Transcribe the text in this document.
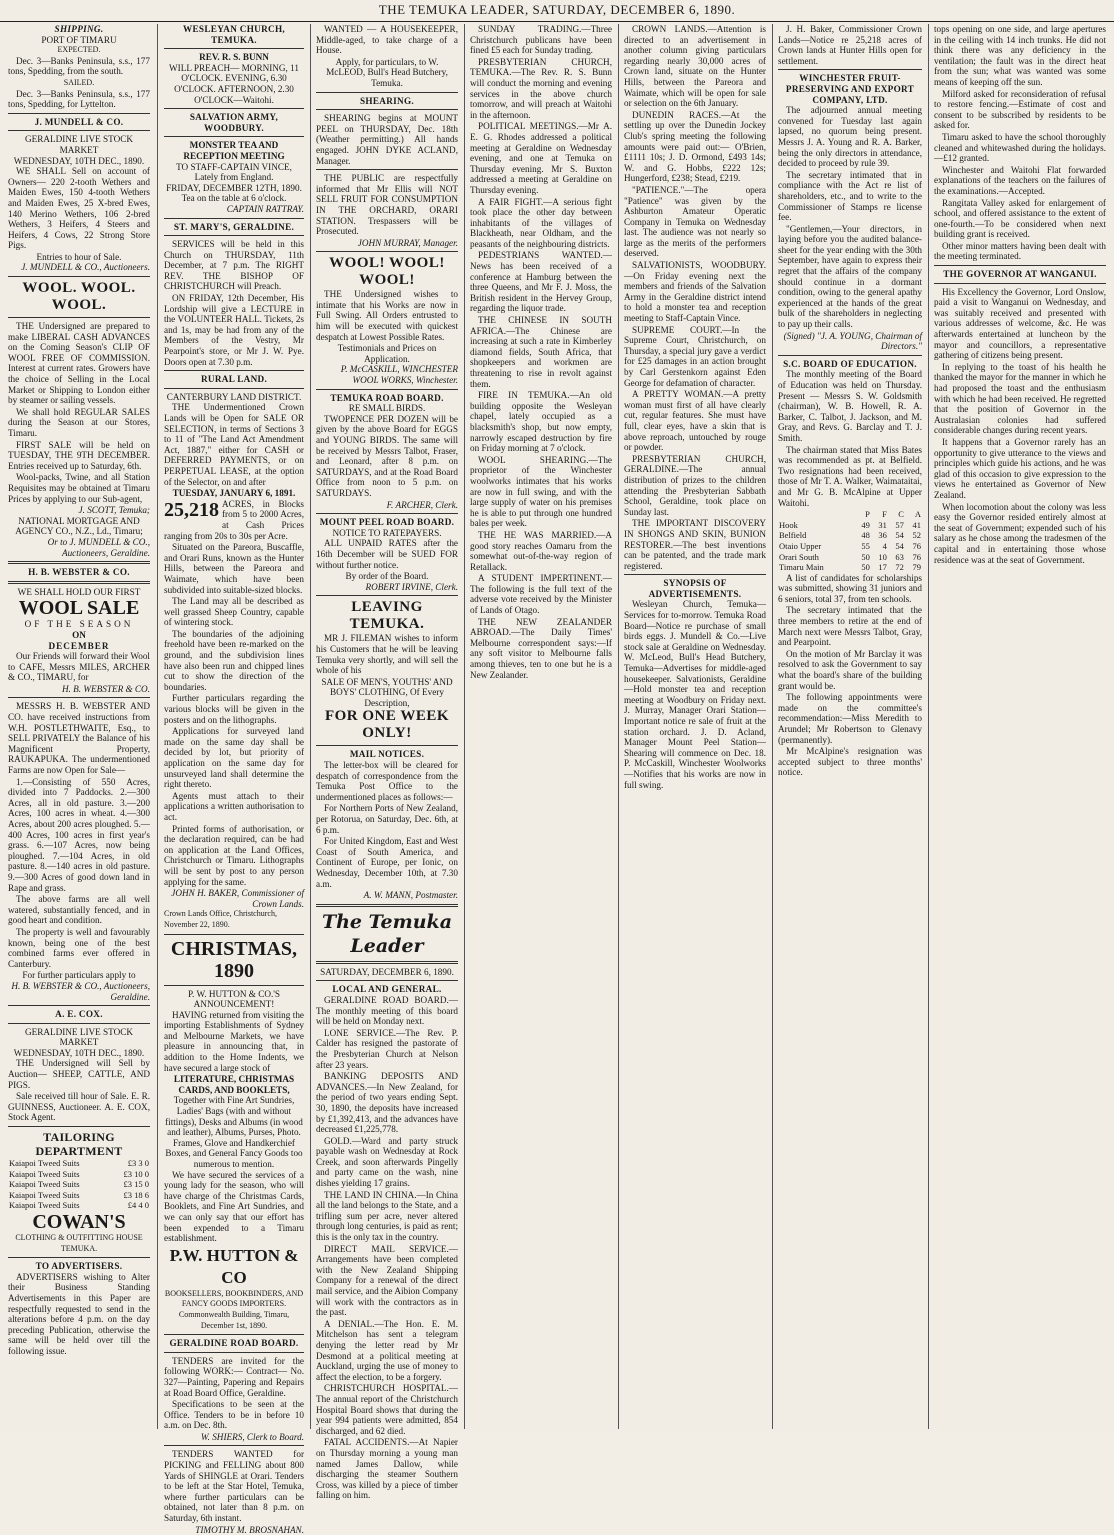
THE TEMUKA LEADER, SATURDAY, DECEMBER 6, 1890.
SHIPPING.
PORT OF TIMARU
EXPECTED.

Dec. 3—Banks Peninsula, s.s., 177 tons, Spedding, from the south.

SAILED.

Dec. 3—Banks Peninsula, s.s., 177 tons, Spedding, for Lyttelton.

J. MUNDELL & CO.
GERALDINE LIVE STOCK MARKET
WEDNESDAY, 10TH DEC., 1890.

WE SHALL Sell on account of Owners— 220 2-tooth Wethers and Maiden Ewes, 150 4-tooth Wethers and Maiden Ewes, 25 X-bred Ewes, 140 Merino Wethers, 106 2-bred Wethers, 3 Heifers, 4 Steers and Heifers, 4 Cows, 22 Strong Store Pigs.

Entries to hour of Sale.
J. MUNDELL & CO., Auctioneers.
WOOL. WOOL. WOOL.

THE Undersigned are prepared to make LIBERAL CASH ADVANCES on the Coming Season's CLIP OF WOOL FREE OF COMMISSION. Interest at current rates. Growers have the choice of Selling in the Local Market or Shipping to London either by steamer or sailing vessels.

We shall hold REGULAR SALES during the Season at our Stores, Timaru.

FIRST SALE will be held on TUESDAY, THE 9TH DECEMBER. Entries received up to Saturday, 6th.

Wool-packs, Twine, and all Station Requisites may be obtained at Timaru Prices by applying to our Sub-agent,

J. SCOTT, Temuka;
NATIONAL MORTGAGE AND AGENCY CO., N.Z., Ld., Timaru;
Or to J. MUNDELL & CO., Auctioneers, Geraldine.
H. B. WEBSTER & CO.
WE SHALL HOLD OUR FIRST
WOOL SALE
OF THE SEASON
ON
DECEMBER

Our Friends will forward their Wool to CAFE, Messrs MILES, ARCHER & CO., TIMARU, for

H. B. WEBSTER & CO.

MESSRS H. B. WEBSTER AND CO. have received instructions from W.H. POSTLETHWAITE, Esq., to SELL PRIVATELY the Balance of his Magnificent Property, RAUKAPUKA. The undermentioned Farms are now Open for Sale—

1.—Consisting of 550 Acres, divided into 7 Paddocks. 2.—300 Acres, all in old pasture. 3.—200 Acres, 100 acres in wheat. 4.—300 Acres, about 200 acres ploughed. 5.—400 Acres, 100 acres in first year's grass. 6.—107 Acres, now being ploughed. 7.—104 Acres, in old pasture. 8.—140 acres in old pasture. 9.—300 Acres of good down land in Rape and grass.

The above farms are all well watered, substantially fenced, and in good heart and condition.

The property is well and favourably known, being one of the best combined farms ever offered in Canterbury.

For further particulars apply to
H. B. WEBSTER & CO., Auctioneers, Geraldine.
A. E. COX.
GERALDINE LIVE STOCK MARKET
WEDNESDAY, 10TH DEC., 1890.

THE Undersigned will Sell by Auction— SHEEP, CATTLE, AND PIGS.

Sale received till hour of Sale. E. R. GUINNESS, Auctioneer. A. E. COX, Stock Agent.

TAILORING DEPARTMENT
Kaiapoi Tweed Suits	£3 3 0
Kaiapoi Tweed Suits	£3 10 0
Kaiapoi Tweed Suits	£3 15 0
Kaiapoi Tweed Suits	£3 18 6
Kaiapoi Tweed Suits	£4 4 0
COWAN'S
CLOTHING & OUTFITTING HOUSE TEMUKA.
TO ADVERTISERS.

ADVERTISERS wishing to Alter their Business Standing Advertisements in this Paper are respectfully requested to send in the alterations before 4 p.m. on the day preceding Publication, otherwise the same will be held over till the following issue.

WESLEYAN CHURCH, TEMUKA.
REV. R. S. BUNN
WILL PREACH— MORNING, 11 O'CLOCK. EVENING, 6.30 O'CLOCK. AFTERNOON, 2.30 O'CLOCK—Waitohi.
SALVATION ARMY, WOODBURY.
MONSTER TEA AND RECEPTION MEETING
TO STAFF-CAPTAIN VINCE, Lately from England.
FRIDAY, DECEMBER 12TH, 1890.
Tea on the table at 6 o'clock.
CAPTAIN RATTRAY.
ST. MARY'S, GERALDINE.

SERVICES will be held in this Church on THURSDAY, 11th December, at 7 p.m. The RIGHT REV. THE BISHOP OF CHRISTCHURCH will Preach.

ON FRIDAY, 12th December, His Lordship will give a LECTURE in the VOLUNTEER HALL. Tickets, 2s and 1s, may be had from any of the Members of the Vestry, Mr Pearpoint's store, or Mr J. W. Pye. Doors open at 7.30 p.m.

RURAL LAND.
CANTERBURY LAND DISTRICT.

THE Undermentioned Crown Lands will be Open for SALE OR SELECTION, in terms of Sections 3 to 11 of "The Land Act Amendment Act, 1887," either for CASH or DEFERRED PAYMENTS, or on PERPETUAL LEASE, at the option of the Selector, on and after

TUESDAY, JANUARY 6, 1891.

25,218 ACRES, in Blocks from 5 to 2000 Acres, at Cash Prices ranging from 20s to 30s per Acre.

Situated on the Pareora, Buscaffle, and Orari Runs, known as the Hunter Hills, between the Pareora and Waimate, which have been subdivided into suitable-sized blocks.

The Land may all be described as well grassed Sheep Country, capable of wintering stock.

The boundaries of the adjoining freehold have been re-marked on the ground, and the subdivision lines have also been run and chipped lines cut to show the direction of the boundaries.

Further particulars regarding the various blocks will be given in the posters and on the lithographs.

Applications for surveyed land made on the same day shall be decided by lot, but priority of application on the same day for unsurveyed land shall determine the right thereto.

Agents must attach to their applications a written authorisation to act.

Printed forms of authorisation, or the declaration required, can be had on application at the Land Offices, Christchurch or Timaru. Lithographs will be sent by post to any person applying for the same.

JOHN H. BAKER, Commissioner of Crown Lands.
Crown Lands Office, Christchurch, November 22, 1890.
CHRISTMAS, 1890
P. W. HUTTON & CO.'S ANNOUNCEMENT!

HAVING returned from visiting the importing Establishments of Sydney and Melbourne Markets, we have pleasure in announcing that, in addition to the Home Indents, we have secured a large stock of

LITERATURE, CHRISTMAS CARDS, AND BOOKLETS,
Together with Fine Art Sundries, Ladies' Bags (with and without fittings), Desks and Albums (in wood and leather), Albums, Purses, Photo. Frames, Glove and Handkerchief Boxes, and General Fancy Goods too numerous to mention.

We have secured the services of a young lady for the season, who will have charge of the Christmas Cards, Booklets, and Fine Art Sundries, and we can only say that our effort has been expended to a Timaru establishment.

P.W. HUTTON & CO
BOOKSELLERS, BOOKBINDERS, AND FANCY GOODS IMPORTERS.
Commonwealth Building, Timaru, December 1st, 1890.
GERALDINE ROAD BOARD.

TENDERS are invited for the following WORK:— Contract— No. 327—Painting, Papering and Repairs at Road Board Office, Geraldine.

Specifications to be seen at the Office. Tenders to be in before 10 a.m. on Dec. 8th.

W. SHIERS, Clerk to Board.

TENDERS WANTED for PICKING and FELLING about 800 Yards of SHINGLE at Orari. Tenders to be left at the Star Hotel, Temuka, where further particulars can be obtained, not later than 8 p.m. on Saturday, 6th instant.

TIMOTHY M. BROSNAHAN.

WANTED — A HOUSEKEEPER, Middle-aged, to take charge of a House.

Apply, for particulars, to W. McLEOD, Bull's Head Butchery, Temuka.
SHEARING.

SHEARING begins at MOUNT PEEL on THURSDAY, Dec. 18th (Weather permitting.) All hands engaged. JOHN DYKE ACLAND, Manager.

THE PUBLIC are respectfully informed that Mr Ellis will NOT SELL FRUIT FOR CONSUMPTION IN THE ORCHARD, ORARI STATION. Trespassers will be Prosecuted.

JOHN MURRAY, Manager.
WOOL! WOOL! WOOL!

THE Undersigned wishes to intimate that his Works are now in Full Swing. All Orders entrusted to him will be executed with quickest despatch at Lowest Possible Rates.

Testimonials and Prices on Application.
P. McCASKILL, WINCHESTER WOOL WORKS, Winchester.
TEMUKA ROAD BOARD.
RE SMALL BIRDS.

TWOPENCE PER DOZEN will be given by the above Board for EGGS and YOUNG BIRDS. The same will be received by Messrs Talbot, Fraser, and Leonard, after 8 p.m. on SATURDAYS, and at the Road Board Office from noon to 5 p.m. on SATURDAYS.

F. ARCHER, Clerk.
MOUNT PEEL ROAD BOARD.
NOTICE TO RATEPAYERS.

ALL UNPAID RATES after the 16th December will be SUED FOR without further notice.

By order of the Board.
ROBERT IRVINE, Clerk.
LEAVING TEMUKA.

MR J. FILEMAN wishes to inform his Customers that he will be leaving Temuka very shortly, and will sell the whole of his

SALE OF MEN'S, YOUTHS' AND BOYS' CLOTHING, Of Every Description,
FOR ONE WEEK ONLY!
MAIL NOTICES.

The letter-box will be cleared for despatch of correspondence from the Temuka Post Office to the undermentioned places as follows:—

For Northern Ports of New Zealand, per Rotorua, on Saturday, Dec. 6th, at 6 p.m.

For United Kingdom, East and West Coast of South America, and Continent of Europe, per Ionic, on Wednesday, December 10th, at 7.30 a.m.

A. W. MANN, Postmaster.
The Temuka Leader
SATURDAY, DECEMBER 6, 1890.
LOCAL AND GENERAL.

GERALDINE ROAD BOARD.—The monthly meeting of this board will be held on Monday next.

LONE SERVICE.—The Rev. P. Calder has resigned the pastorate of the Presbyterian Church at Nelson after 23 years.

BANKING DEPOSITS AND ADVANCES.—In New Zealand, for the period of two years ending Sept. 30, 1890, the deposits have increased by £1,392,413, and the advances have decreased £1,225,778.

GOLD.—Ward and party struck payable wash on Wednesday at Rock Creek, and soon afterwards Pingelly and party came on the wash, nine dishes yielding 17 grains.

THE LAND IN CHINA.—In China all the land belongs to the State, and a trifling sum per acre, never altered through long centuries, is paid as rent; this is the only tax in the country.

DIRECT MAIL SERVICE.—Arrangements have been completed with the New Zealand Shipping Company for a renewal of the direct mail service, and the Aibion Company will work with the contractors as in the past.

A DENIAL.—The Hon. E. M. Mitchelson has sent a telegram denying the letter read by Mr Desmond at a political meeting at Auckland, urging the use of money to affect the election, to be a forgery.

CHRISTCHURCH HOSPITAL.—The annual report of the Christchurch Hospital Board shows that during the year 994 patients were admitted, 854 discharged, and 62 died.

FATAL ACCIDENTS.—At Napier on Thursday morning a young man named James Dallow, while discharging the steamer Southern Cross, was killed by a piece of timber falling on him.

SUNDAY TRADING.—Three Christchurch publicans have been fined £5 each for Sunday trading.

PRESBYTERIAN CHURCH, TEMUKA.—The Rev. R. S. Bunn will conduct the morning and evening services in the above church tomorrow, and will preach at Waitohi in the afternoon.

POLITICAL MEETINGS.—Mr A. E. G. Rhodes addressed a political meeting at Geraldine on Wednesday evening, and one at Temuka on Thursday evening. Mr S. Buxton addressed a meeting at Geraldine on Thursday evening.

A FAIR FIGHT.—A serious fight took place the other day between inhabitants of the villages of Blackheath, near Oldham, and the peasants of the neighbouring districts.

PEDESTRIANS WANTED.—News has been received of a conference at Hamburg between the three Queens, and Mr F. J. Moss, the British resident in the Hervey Group, regarding the liquor trade.

THE CHINESE IN SOUTH AFRICA.—The Chinese are increasing at such a rate in Kimberley diamond fields, South Africa, that shopkeepers and workmen are threatening to rise in revolt against them.

FIRE IN TEMUKA.—An old building opposite the Wesleyan chapel, lately occupied as a blacksmith's shop, but now empty, narrowly escaped destruction by fire on Friday morning at 7 o'clock.

WOOL SHEARING.—The proprietor of the Winchester woolworks intimates that his works are now in full swing, and with the large supply of water on his premises he is able to put through one hundred bales per week.

THE HE WAS MARRIED.—A good story reaches Oamaru from the somewhat out-of-the-way region of Retallack.

A STUDENT IMPERTINENT.—The following is the full text of the adverse vote received by the Minister of Lands of Otago.

THE NEW ZEALANDER ABROAD.—The Daily Times' Melbourne correspondent says:—If any soft visitor to Melbourne falls among thieves, ten to one but he is a New Zealander.

CROWN LANDS.—Attention is directed to an advertisement in another column giving particulars regarding nearly 30,000 acres of Crown land, situate on the Hunter Hills, between the Pareora and Waimate, which will be open for sale or selection on the 6th January.

DUNEDIN RACES.—At the settling up over the Dunedin Jockey Club's spring meeting the following amounts were paid out:— O'Brien, £1111 10s; J. D. Ormond, £493 14s; W. and G. Hobbs, £222 12s; Hungerford, £238; Stead, £219.

"PATIENCE."—The opera "Patience" was given by the Ashburton Amateur Operatic Company in Temuka on Wednesday last. The audience was not nearly so large as the merits of the performers deserved.

SALVATIONISTS, WOODBURY.—On Friday evening next the members and friends of the Salvation Army in the Geraldine district intend to hold a monster tea and reception meeting to Staff-Captain Vince.

SUPREME COURT.—In the Supreme Court, Christchurch, on Thursday, a special jury gave a verdict for £25 damages in an action brought by Carl Gerstenkorn against Eden George for defamation of character.

A PRETTY WOMAN.—A pretty woman must first of all have clearly cut, regular features. She must have full, clear eyes, have a skin that is above reproach, untouched by rouge or powder.

PRESBYTERIAN CHURCH, GERALDINE.—The annual distribution of prizes to the children attending the Presbyterian Sabbath School, Geraldine, took place on Sunday last.

THE IMPORTANT DISCOVERY IN SHONGS AND SKIN, BUNION RESTORER.—The best inventions can be patented, and the trade mark registered.

SYNOPSIS OF ADVERTISEMENTS.

Wesleyan Church, Temuka—Services for to-morrow. Temuka Road Board—Notice re purchase of small birds eggs. J. Mundell & Co.—Live stock sale at Geraldine on Wednesday. W. McLeod, Bull's Head Butchery, Temuka—Advertises for middle-aged housekeeper. Salvationists, Geraldine—Hold monster tea and reception meeting at Woodbury on Friday next. J. Murray, Manager Orari Station—Important notice re sale of fruit at the station orchard. J. D. Acland, Manager Mount Peel Station—Shearing will commence on Dec. 18. P. McCaskill, Winchester Woolworks—Notifies that his works are now in full swing.

J. H. Baker, Commissioner Crown Lands—Notice re 25,218 acres of Crown lands at Hunter Hills open for settlement.

WINCHESTER FRUIT-PRESERVING AND EXPORT COMPANY, LTD.

The adjourned annual meeting convened for Tuesday last again lapsed, no quorum being present. Messrs J. A. Young and R. A. Barker, being the only directors in attendance, decided to proceed by rule 39.

The secretary intimated that in compliance with the Act re list of shareholders, etc., and to write to the Commissioner of Stamps re license fee.

"Gentlemen,—Your directors, in laying before you the audited balance-sheet for the year ending with the 30th September, have again to express their regret that the affairs of the company should continue in a dormant condition, owing to the general apathy experienced at the hands of the great bulk of the shareholders in neglecting to pay up their calls.

(Signed) "J. A. YOUNG, Chairman of Directors."
S.C. BOARD OF EDUCATION.

The monthly meeting of the Board of Education was held on Thursday. Present — Messrs S. W. Goldsmith (chairman), W. B. Howell, R. A. Barker, C. Talbot, J. Jackson, and M. Gray, and Revs. G. Barclay and T. J. Smith.

The chairman stated that Miss Bates was recommended as pt. at Belfield. Two resignations had been received, those of Mr T. A. Walker, Waimataitai, and Mr G. B. McAlpine at Upper Waitohi.

	P	F	C	A
Hook	49	31	57	41
Belfield	48	36	54	52
Otaio Upper	55	4	54	76
Orari South	50	10	63	76
Timaru Main	50	17	72	79

A list of candidates for scholarships was submitted, showing 31 juniors and 6 seniors, total 37, from ten schools.

The secretary intimated that the three members to retire at the end of March next were Messrs Talbot, Gray, and Pearpoint.

On the motion of Mr Barclay it was resolved to ask the Government to say what the board's share of the building grant would be.

The following appointments were made on the committee's recommendation:—Miss Meredith to Arundel; Mr Robertson to Glenavy (permanently).

Mr McAlpine's resignation was accepted subject to three months' notice.

tops opening on one side, and large apertures in the ceiling with 14 inch trunks. He did not think there was any deficiency in the ventilation; the fault was in the direct heat from the sun; what was wanted was some means of keeping off the sun.

Milford asked for reconsideration of refusal to restore fencing.—Estimate of cost and consent to be subscribed by residents to be asked for.

Timaru asked to have the school thoroughly cleaned and whitewashed during the holidays.—£12 granted.

Winchester and Waitohi Flat forwarded explanations of the teachers on the failures of the examinations.—Accepted.

Rangitata Valley asked for enlargement of school, and offered assistance to the extent of one-fourth.—To be considered when next building grant is received.

Other minor matters having been dealt with the meeting terminated.

THE GOVERNOR AT WANGANUI.

His Excellency the Governor, Lord Onslow, paid a visit to Wanganui on Wednesday, and was suitably received and presented with various addresses of welcome, &c. He was afterwards entertained at luncheon by the mayor and councillors, a representative gathering of citizens being present.

In replying to the toast of his health he thanked the mayor for the manner in which he had proposed the toast and the enthusiasm with which he had been received. He regretted that the position of Governor in the Australasian colonies had suffered considerable changes during recent years.

It happens that a Governor rarely has an opportunity to give utterance to the views and principles which guide his actions, and he was glad of this occasion to give expression to the views he entertained as Governor of New Zealand.

When locomotion about the colony was less easy the Governor resided entirely almost at the seat of Government; expended such of his salary as he chose among the tradesmen of the capital and in entertaining those whose residence was at the seat of Government.
